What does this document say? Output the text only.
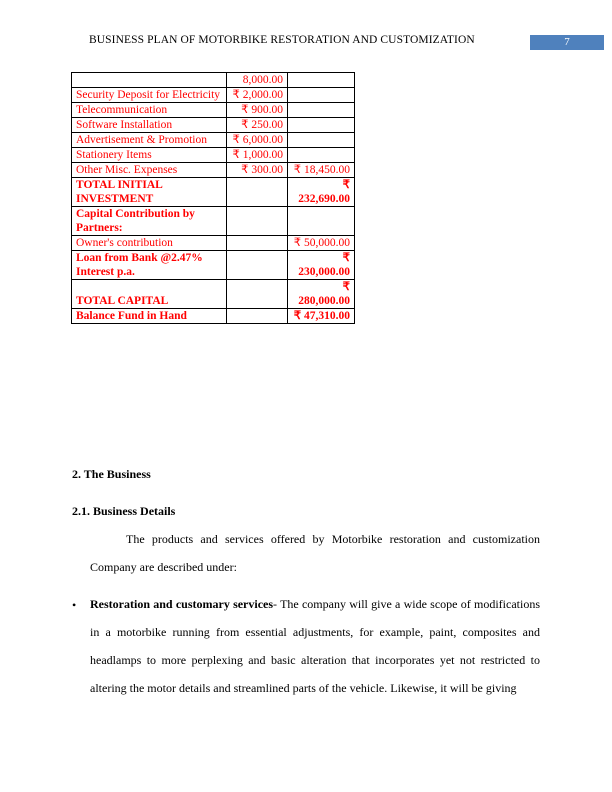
BUSINESS PLAN OF MOTORBIKE RESTORATION AND CUSTOMIZATION	7
	8,000.00	
Security Deposit for Electricity	₹ 2,000.00	
Telecommunication	₹ 900.00	
Software Installation	₹ 250.00	
Advertisement & Promotion	₹ 6,000.00	
Stationery Items	₹ 1,000.00	
Other Misc. Expenses	₹ 300.00	₹ 18,450.00
TOTAL INITIAL INVESTMENT		₹ 232,690.00
Capital Contribution by Partners:		
Owner's contribution		₹ 50,000.00
Loan from Bank @2.47% Interest p.a.		₹ 230,000.00
TOTAL CAPITAL		₹ 280,000.00
Balance Fund in Hand		₹ 47,310.00
2. The Business
2.1. Business Details
The products and services offered by Motorbike restoration and customization Company are described under:
• Restoration and customary services- The company will give a wide scope of modifications in a motorbike running from essential adjustments, for example, paint, composites and headlamps to more perplexing and basic alteration that incorporates yet not restricted to altering the motor details and streamlined parts of the vehicle. Likewise, it will be giving
